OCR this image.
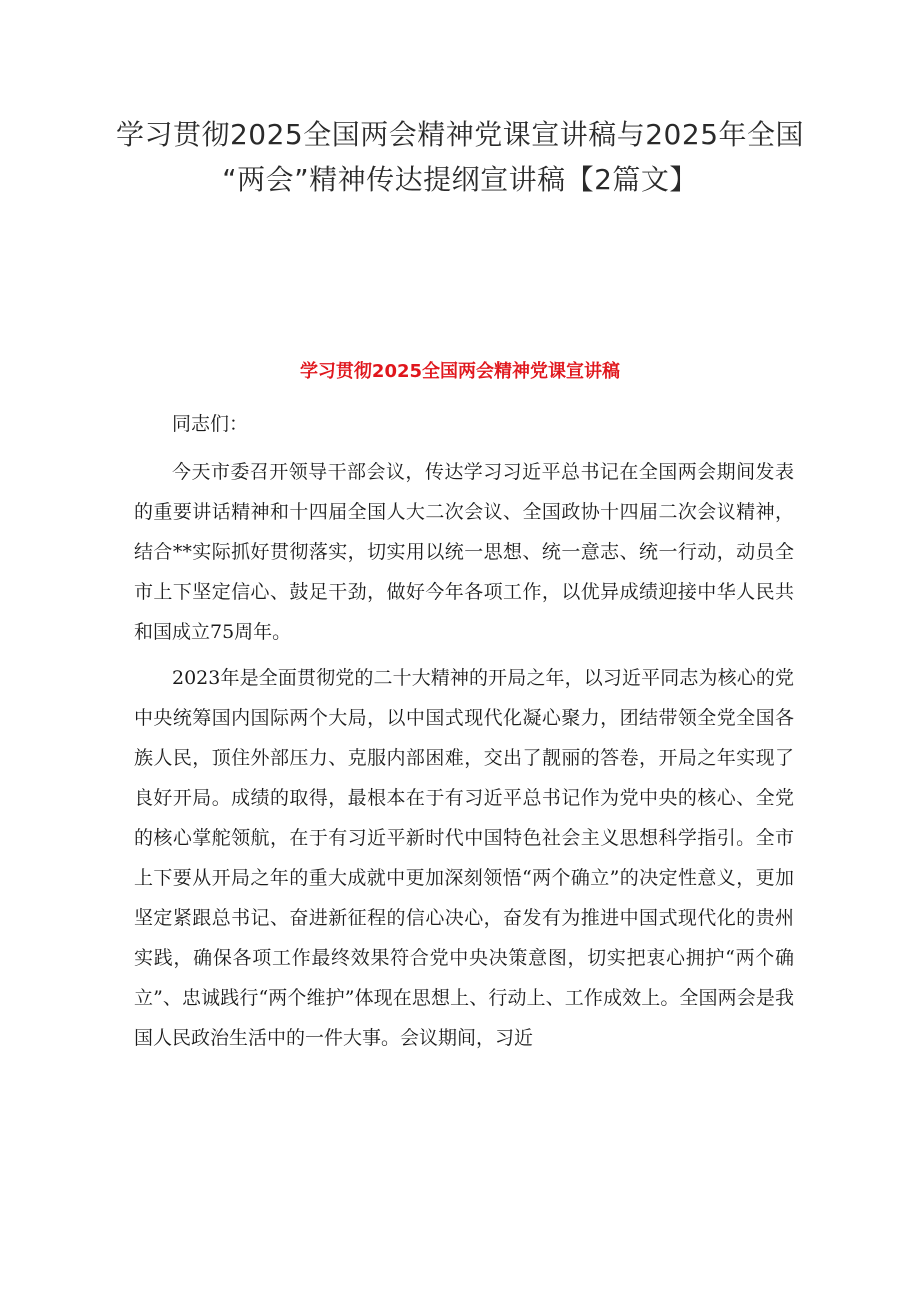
学习贯彻2025全国两会精神党课宣讲稿与2025年全国
“两会”精神传达提纲宣讲稿【2篇文】
学习贯彻2025全国两会精神党课宣讲稿

同志们：

今天市委召开领导干部会议，传达学习习近平总书记在全国两会期间发表的重要讲话精神和十四届全国人大二次会议、全国政协十四届二次会议精神，结合**实际抓好贯彻落实，切实用以统一思想、统一意志、统一行动，动员全市上下坚定信心、鼓足干劲，做好今年各项工作，以优异成绩迎接中华人民共和国成立75周年。

2023年是全面贯彻党的二十大精神的开局之年，以习近平同志为核心的党中央统筹国内国际两个大局，以中国式现代化凝心聚力，团结带领全党全国各族人民，顶住外部压力、克服内部困难，交出了靓丽的答卷，开局之年实现了良好开局。成绩的取得，最根本在于有习近平总书记作为党中央的核心、全党的核心掌舵领航，在于有习近平新时代中国特色社会主义思想科学指引。全市上下要从开局之年的重大成就中更加深刻领悟“两个确立”的决定性意义，更加坚定紧跟总书记、奋进新征程的信心决心，奋发有为推进中国式现代化的贵州实践，确保各项工作最终效果符合党中央决策意图，切实把衷心拥护“两个确立”、忠诚践行“两个维护”体现在思想上、行动上、工作成效上。全国两会是我国人民政治生活中的一件大事。会议期间，习近
